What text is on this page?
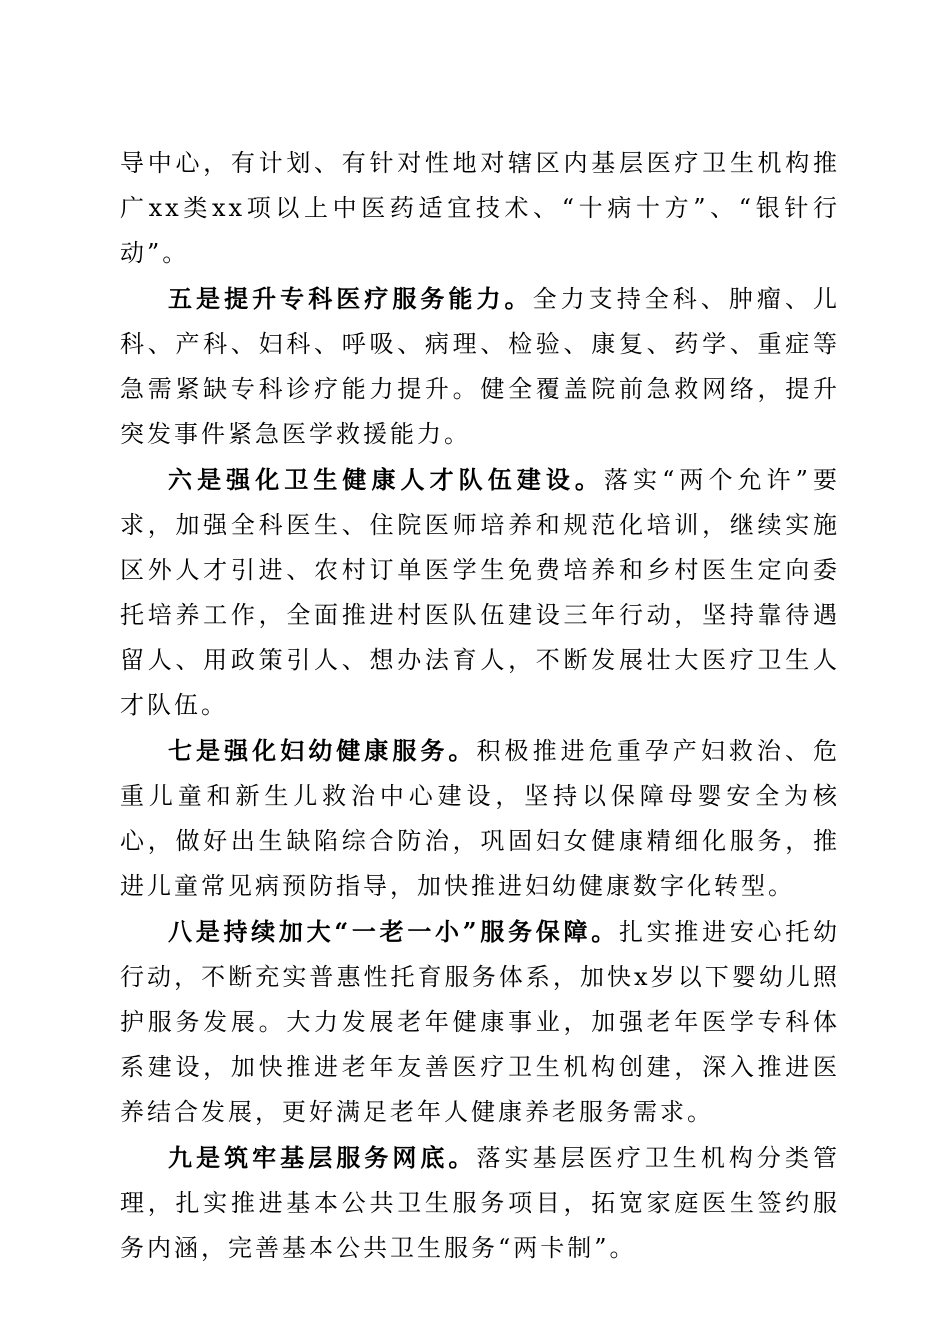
导中心，有计划、有针对性地对辖区内基层医疗卫生机构推广xx类xx项以上中医药适宜技术、“十病十方”、“银针行动”。

五是提升专科医疗服务能力。全力支持全科、肿瘤、儿科、产科、妇科、呼吸、病理、检验、康复、药学、重症等急需紧缺专科诊疗能力提升。健全覆盖院前急救网络，提升突发事件紧急医学救援能力。

六是强化卫生健康人才队伍建设。落实“两个允许”要求，加强全科医生、住院医师培养和规范化培训，继续实施区外人才引进、农村订单医学生免费培养和乡村医生定向委托培养工作，全面推进村医队伍建设三年行动，坚持靠待遇留人、用政策引人、想办法育人，不断发展壮大医疗卫生人才队伍。

七是强化妇幼健康服务。积极推进危重孕产妇救治、危重儿童和新生儿救治中心建设，坚持以保障母婴安全为核心，做好出生缺陷综合防治，巩固妇女健康精细化服务，推进儿童常见病预防指导，加快推进妇幼健康数字化转型。

八是持续加大“一老一小”服务保障。扎实推进安心托幼行动，不断充实普惠性托育服务体系，加快x岁以下婴幼儿照护服务发展。大力发展老年健康事业，加强老年医学专科体系建设，加快推进老年友善医疗卫生机构创建，深入推进医养结合发展，更好满足老年人健康养老服务需求。

九是筑牢基层服务网底。落实基层医疗卫生机构分类管理，扎实推进基本公共卫生服务项目，拓宽家庭医生签约服务内涵，完善基本公共卫生服务“两卡制”。
